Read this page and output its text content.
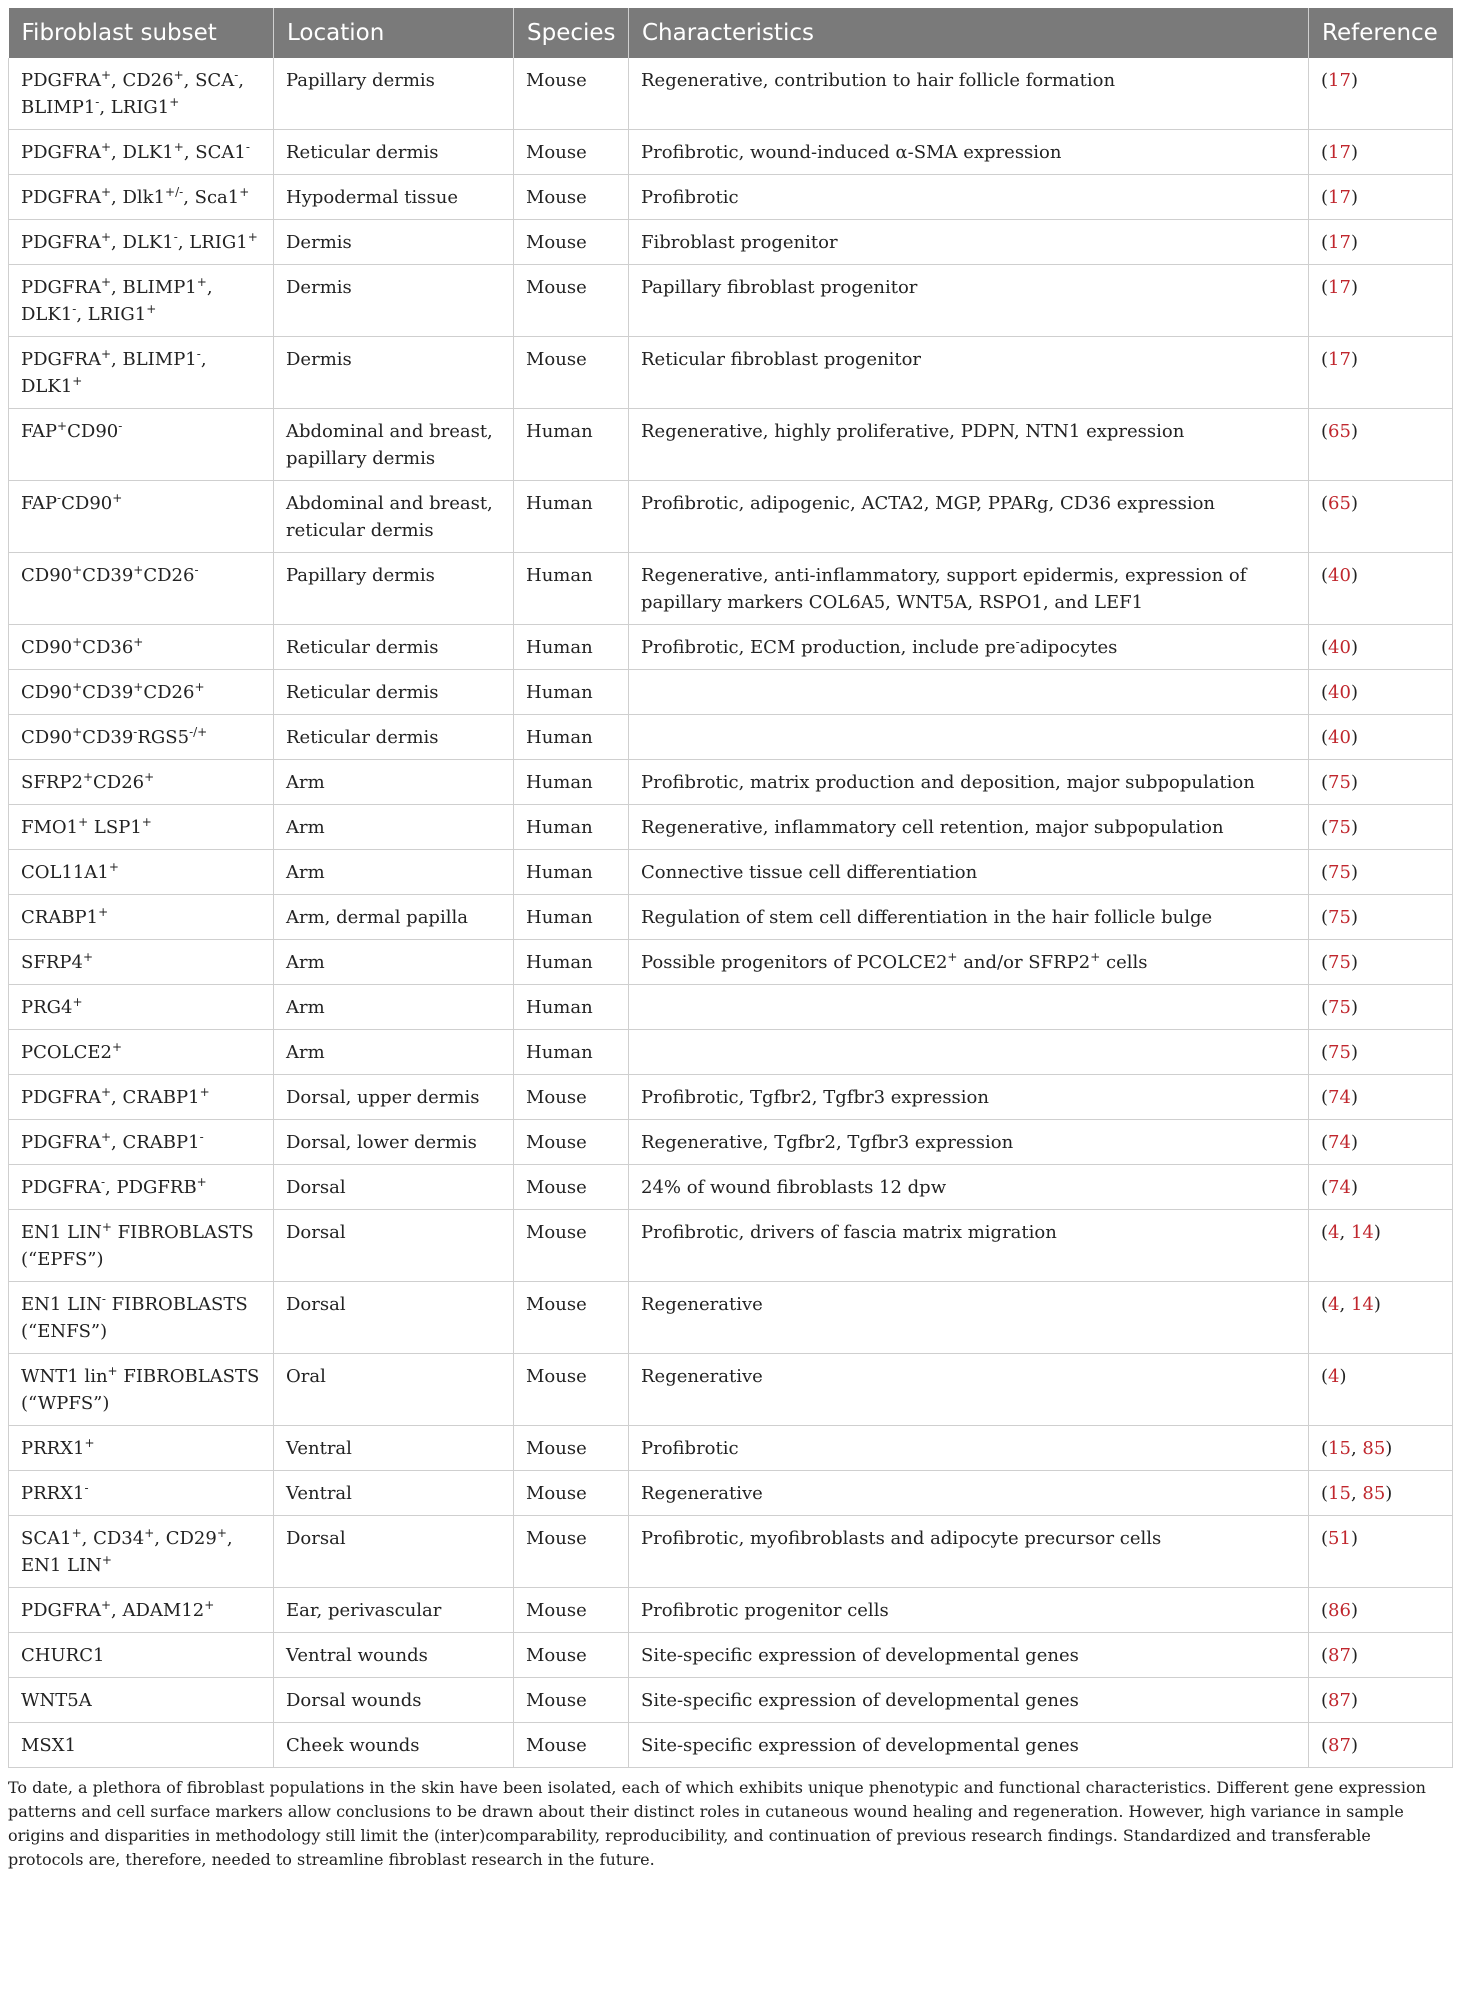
Fibroblast subset	Location	Species	Characteristics	Reference
PDGFRA+, CD26+, SCA-, BLIMP1-, LRIG1+	Papillary dermis	Mouse	Regenerative, contribution to hair follicle formation	(17)
PDGFRA+, DLK1+, SCA1-	Reticular dermis	Mouse	Profibrotic, wound-induced α-SMA expression	(17)
PDGFRA+, Dlk1+/-, Sca1+	Hypodermal tissue	Mouse	Profibrotic	(17)
PDGFRA+, DLK1-, LRIG1+	Dermis	Mouse	Fibroblast progenitor	(17)
PDGFRA+, BLIMP1+, DLK1-, LRIG1+	Dermis	Mouse	Papillary fibroblast progenitor	(17)
PDGFRA+, BLIMP1-, DLK1+	Dermis	Mouse	Reticular fibroblast progenitor	(17)
FAP+CD90-	Abdominal and breast, papillary dermis	Human	Regenerative, highly proliferative, PDPN, NTN1 expression	(65)
FAP-CD90+	Abdominal and breast, reticular dermis	Human	Profibrotic, adipogenic, ACTA2, MGP, PPARg, CD36 expression	(65)
CD90+CD39+CD26-	Papillary dermis	Human	Regenerative, anti-inflammatory, support epidermis, expression of papillary markers COL6A5, WNT5A, RSPO1, and LEF1	(40)
CD90+CD36+	Reticular dermis	Human	Profibrotic, ECM production, include pre-adipocytes	(40)
CD90+CD39+CD26+	Reticular dermis	Human		(40)
CD90+CD39-RGS5-/+	Reticular dermis	Human		(40)
SFRP2+CD26+	Arm	Human	Profibrotic, matrix production and deposition, major subpopulation	(75)
FMO1+ LSP1+	Arm	Human	Regenerative, inflammatory cell retention, major subpopulation	(75)
COL11A1+	Arm	Human	Connective tissue cell differentiation	(75)
CRABP1+	Arm, dermal papilla	Human	Regulation of stem cell differentiation in the hair follicle bulge	(75)
SFRP4+	Arm	Human	Possible progenitors of PCOLCE2+ and/or SFRP2+ cells	(75)
PRG4+	Arm	Human		(75)
PCOLCE2+	Arm	Human		(75)
PDGFRA+, CRABP1+	Dorsal, upper dermis	Mouse	Profibrotic, Tgfbr2, Tgfbr3 expression	(74)
PDGFRA+, CRABP1-	Dorsal, lower dermis	Mouse	Regenerative, Tgfbr2, Tgfbr3 expression	(74)
PDGFRA-, PDGFRB+	Dorsal	Mouse	24% of wound fibroblasts 12 dpw	(74)
EN1 LIN+ FIBROBLASTS (“EPFS”)	Dorsal	Mouse	Profibrotic, drivers of fascia matrix migration	(4, 14)
EN1 LIN- FIBROBLASTS (“ENFS”)	Dorsal	Mouse	Regenerative	(4, 14)
WNT1 lin+ FIBROBLASTS (“WPFS”)	Oral	Mouse	Regenerative	(4)
PRRX1+	Ventral	Mouse	Profibrotic	(15, 85)
PRRX1-	Ventral	Mouse	Regenerative	(15, 85)
SCA1+, CD34+, CD29+, EN1 LIN+	Dorsal	Mouse	Profibrotic, myofibroblasts and adipocyte precursor cells	(51)
PDGFRA+, ADAM12+	Ear, perivascular	Mouse	Profibrotic progenitor cells	(86)
CHURC1	Ventral wounds	Mouse	Site-specific expression of developmental genes	(87)
WNT5A	Dorsal wounds	Mouse	Site-specific expression of developmental genes	(87)
MSX1	Cheek wounds	Mouse	Site-specific expression of developmental genes	(87)
To date, a plethora of fibroblast populations in the skin have been isolated, each of which exhibits unique phenotypic and functional characteristics. Different gene expression patterns and cell surface markers allow conclusions to be drawn about their distinct roles in cutaneous wound healing and regeneration. However, high variance in sample origins and disparities in methodology still limit the (inter)comparability, reproducibility, and continuation of previous research findings. Standardized and transferable protocols are, therefore, needed to streamline fibroblast research in the future.
